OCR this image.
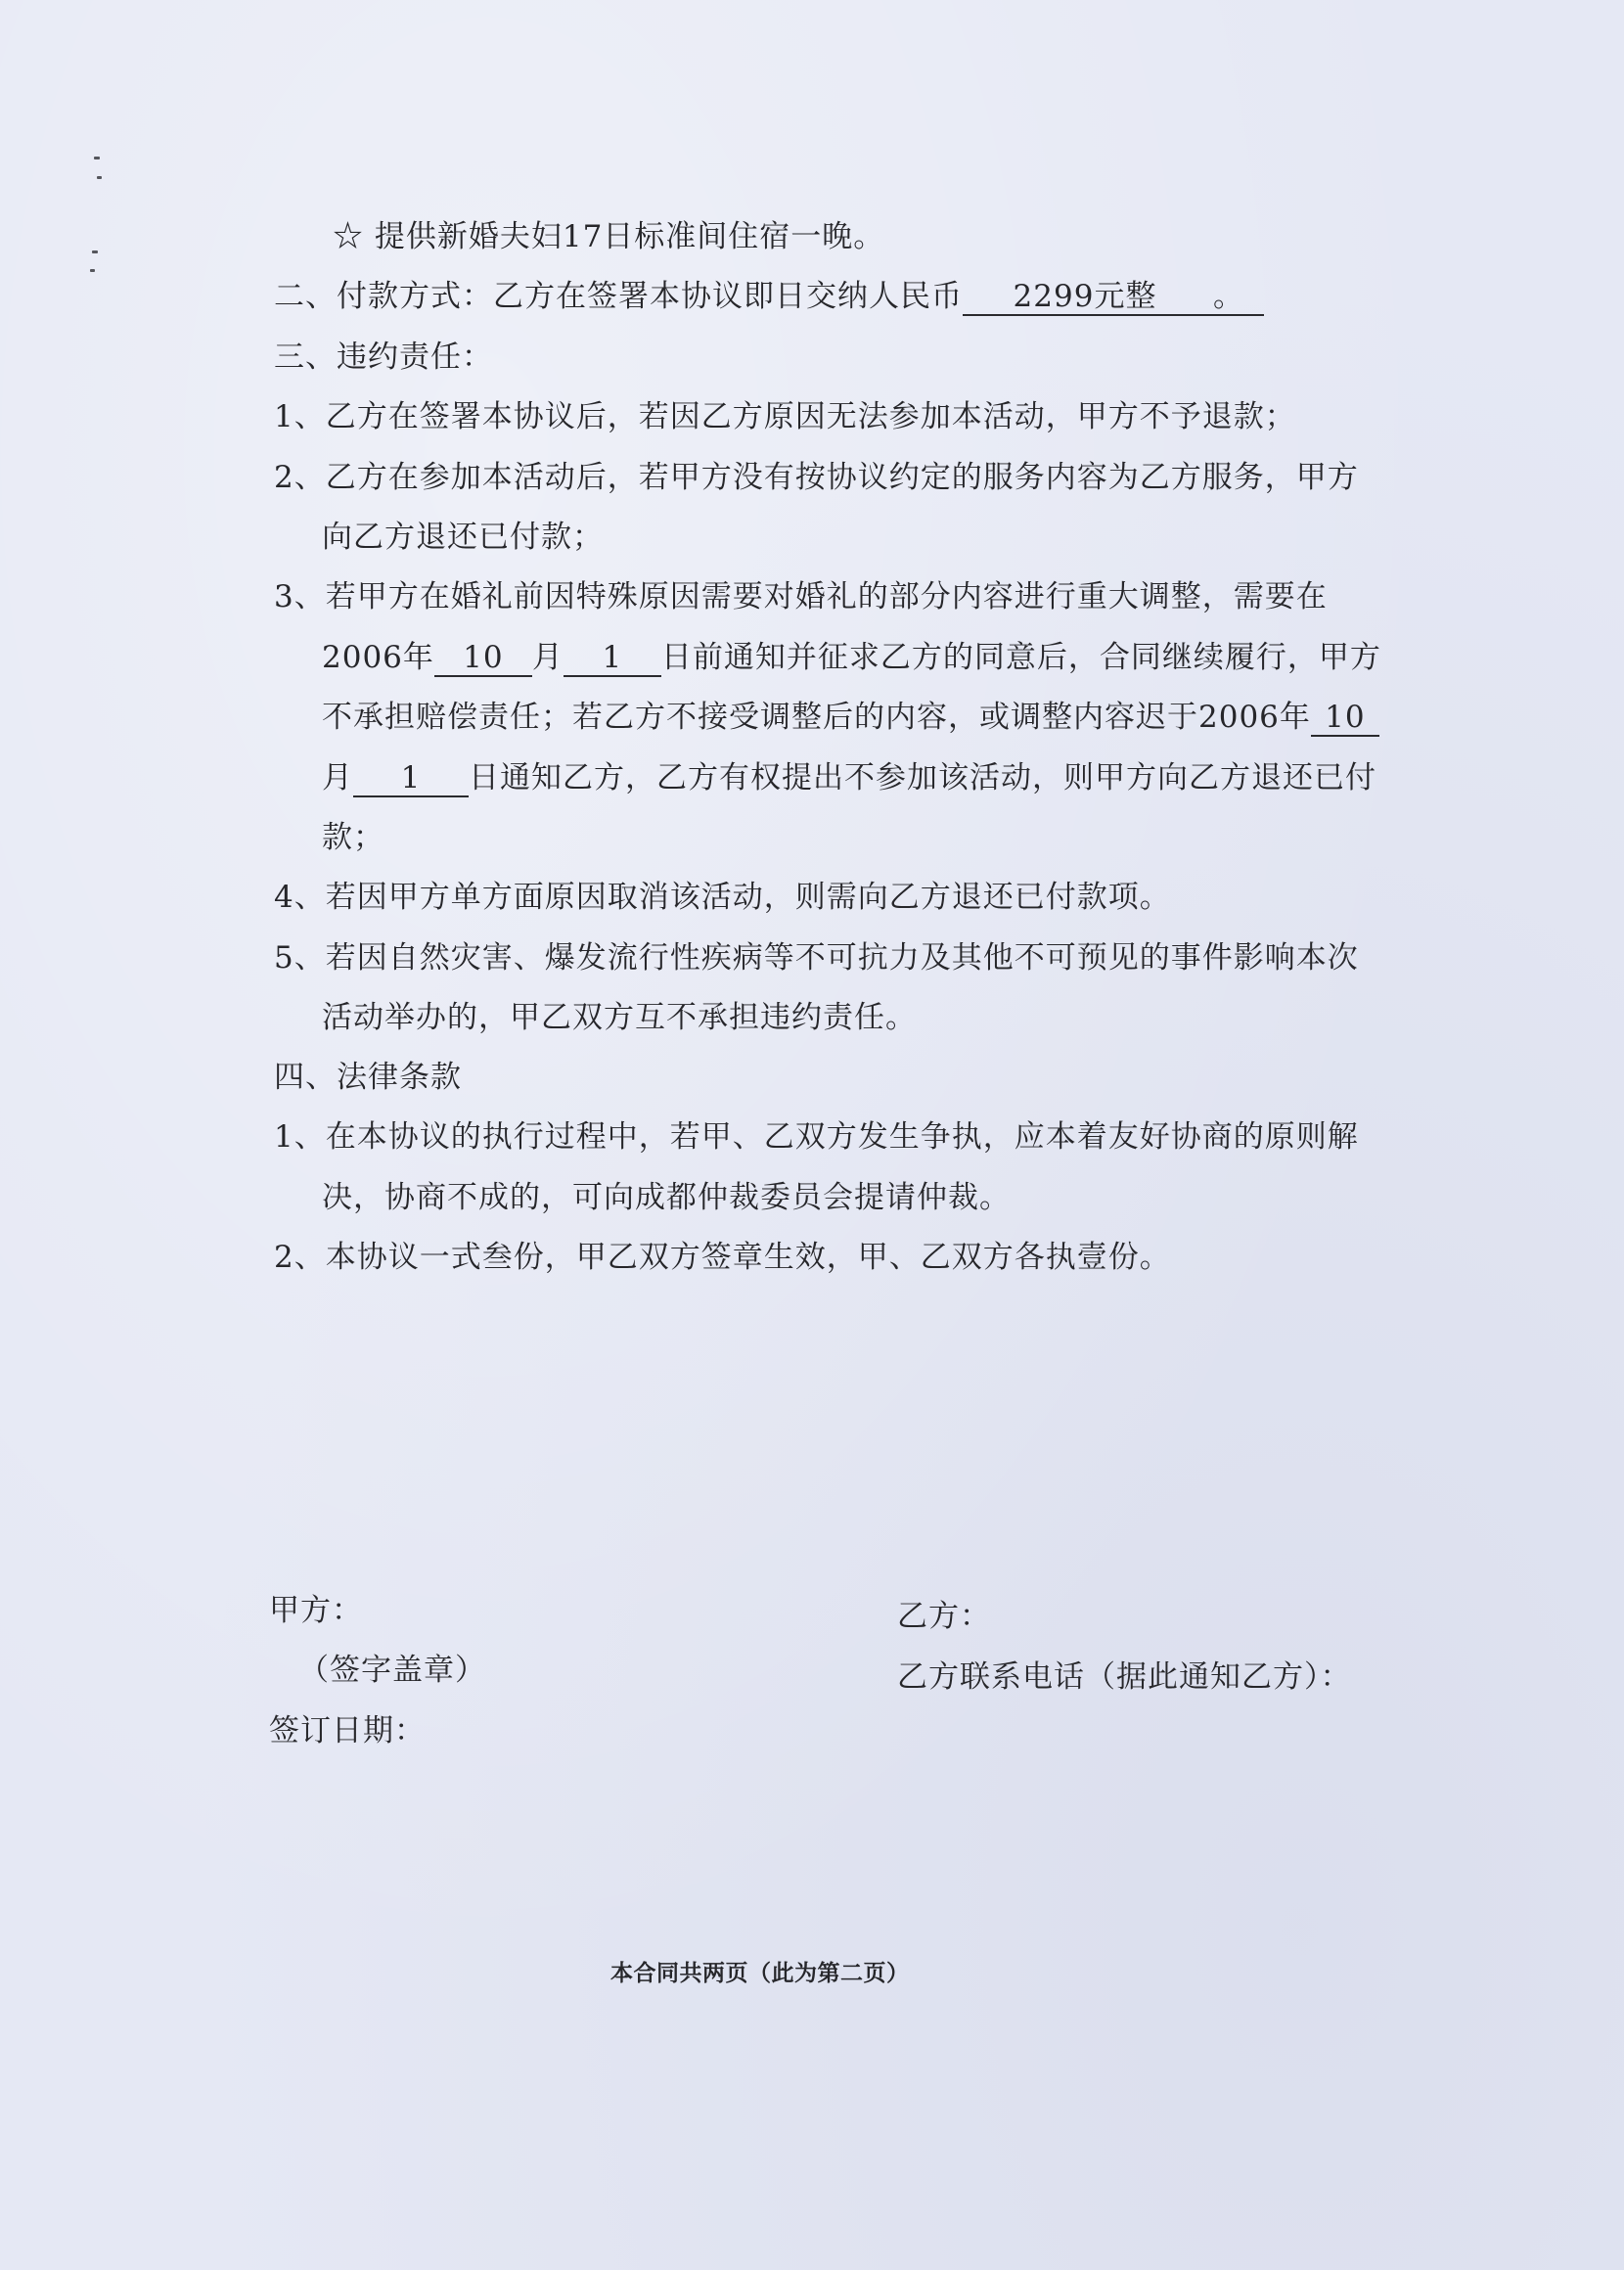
☆ 提供新婚夫妇17日标准间住宿一晚。
二、付款方式：乙方在签署本协议即日交纳人民币 2299元整 。
三、违约责任：
1、乙方在签署本协议后，若因乙方原因无法参加本活动，甲方不予退款；
2、乙方在参加本活动后，若甲方没有按协议约定的服务内容为乙方服务，甲方
向乙方退还已付款；
3、若甲方在婚礼前因特殊原因需要对婚礼的部分内容进行重大调整，需要在
2006年 10 月 1 日前通知并征求乙方的同意后，合同继续履行，甲方
不承担赔偿责任；若乙方不接受调整后的内容，或调整内容迟于2006年 10
月 1 日通知乙方，乙方有权提出不参加该活动，则甲方向乙方退还已付
款；
4、若因甲方单方面原因取消该活动，则需向乙方退还已付款项。
5、若因自然灾害、爆发流行性疾病等不可抗力及其他不可预见的事件影响本次
活动举办的，甲乙双方互不承担违约责任。
四、法律条款
1、在本协议的执行过程中，若甲、乙双方发生争执，应本着友好协商的原则解
决，协商不成的，可向成都仲裁委员会提请仲裁。
2、本协议一式叁份，甲乙双方签章生效，甲、乙双方各执壹份。
甲方：
（签字盖章）
签订日期：
乙方：
乙方联系电话（据此通知乙方）：
本合同共两页（此为第二页）
